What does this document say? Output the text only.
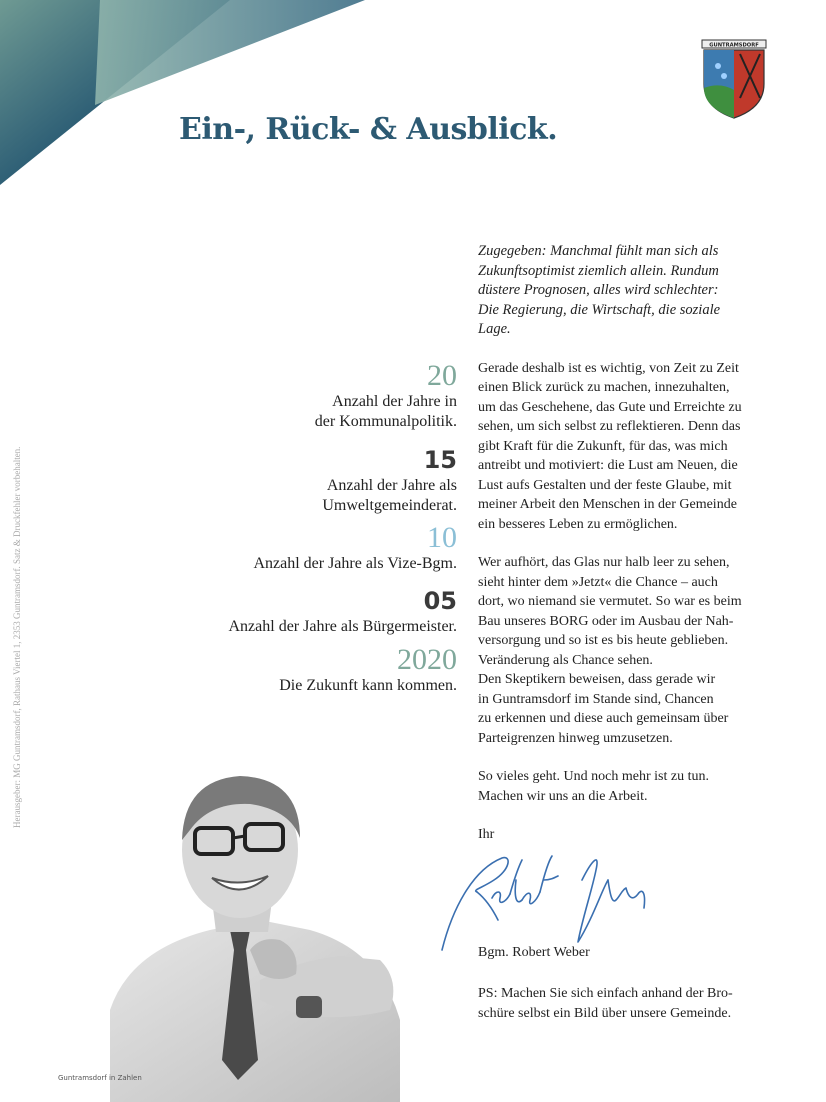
GUNTRAMSDORF
Ein-, Rück- & Ausblick.
Herausgeber: MG Guntramsdorf, Rathaus Viertel 1, 2353 Guntramsdorf. Satz & Druckfehler vorbehalten.
20
Anzahl der Jahre in
der Kommunalpolitik.
15
Anzahl der Jahre als
Umweltgemeinderat.
10
Anzahl der Jahre als Vize-Bgm.
05
Anzahl der Jahre als Bürgermeister.
2020
Die Zukunft kann kommen.

Zugegeben: Manchmal fühlt man sich als
Zukunftsoptimist ziemlich allein. Rundum
düstere Prognosen, alles wird schlechter:
Die Regierung, die Wirtschaft, die soziale
Lage.

Gerade deshalb ist es wichtig, von Zeit zu Zeit
einen Blick zurück zu machen, innezuhalten,
um das Geschehene, das Gute und Erreichte zu
sehen, um sich selbst zu reflektieren. Denn das
gibt Kraft für die Zukunft, für das, was mich
antreibt und motiviert: die Lust am Neuen, die
Lust aufs Gestalten und der feste Glaube, mit
meiner Arbeit den Menschen in der Gemeinde
ein besseres Leben zu ermöglichen.

Wer aufhört, das Glas nur halb leer zu sehen,
sieht hinter dem »Jetzt« die Chance – auch
dort, wo niemand sie vermutet. So war es beim
Bau unseres BORG oder im Ausbau der Nah-
versorgung und so ist es bis heute geblieben.
Veränderung als Chance sehen.
Den Skeptikern beweisen, dass gerade wir
in Guntramsdorf im Stande sind, Chancen
zu erkennen und diese auch gemeinsam über
Parteigrenzen hinweg umzusetzen.

So vieles geht. Und noch mehr ist zu tun.
Machen wir uns an die Arbeit.

Ihr

Bgm. Robert Weber
PS: Machen Sie sich einfach anhand der Bro-
schüre selbst ein Bild über unsere Gemeinde.
Guntramsdorf in Zahlen
